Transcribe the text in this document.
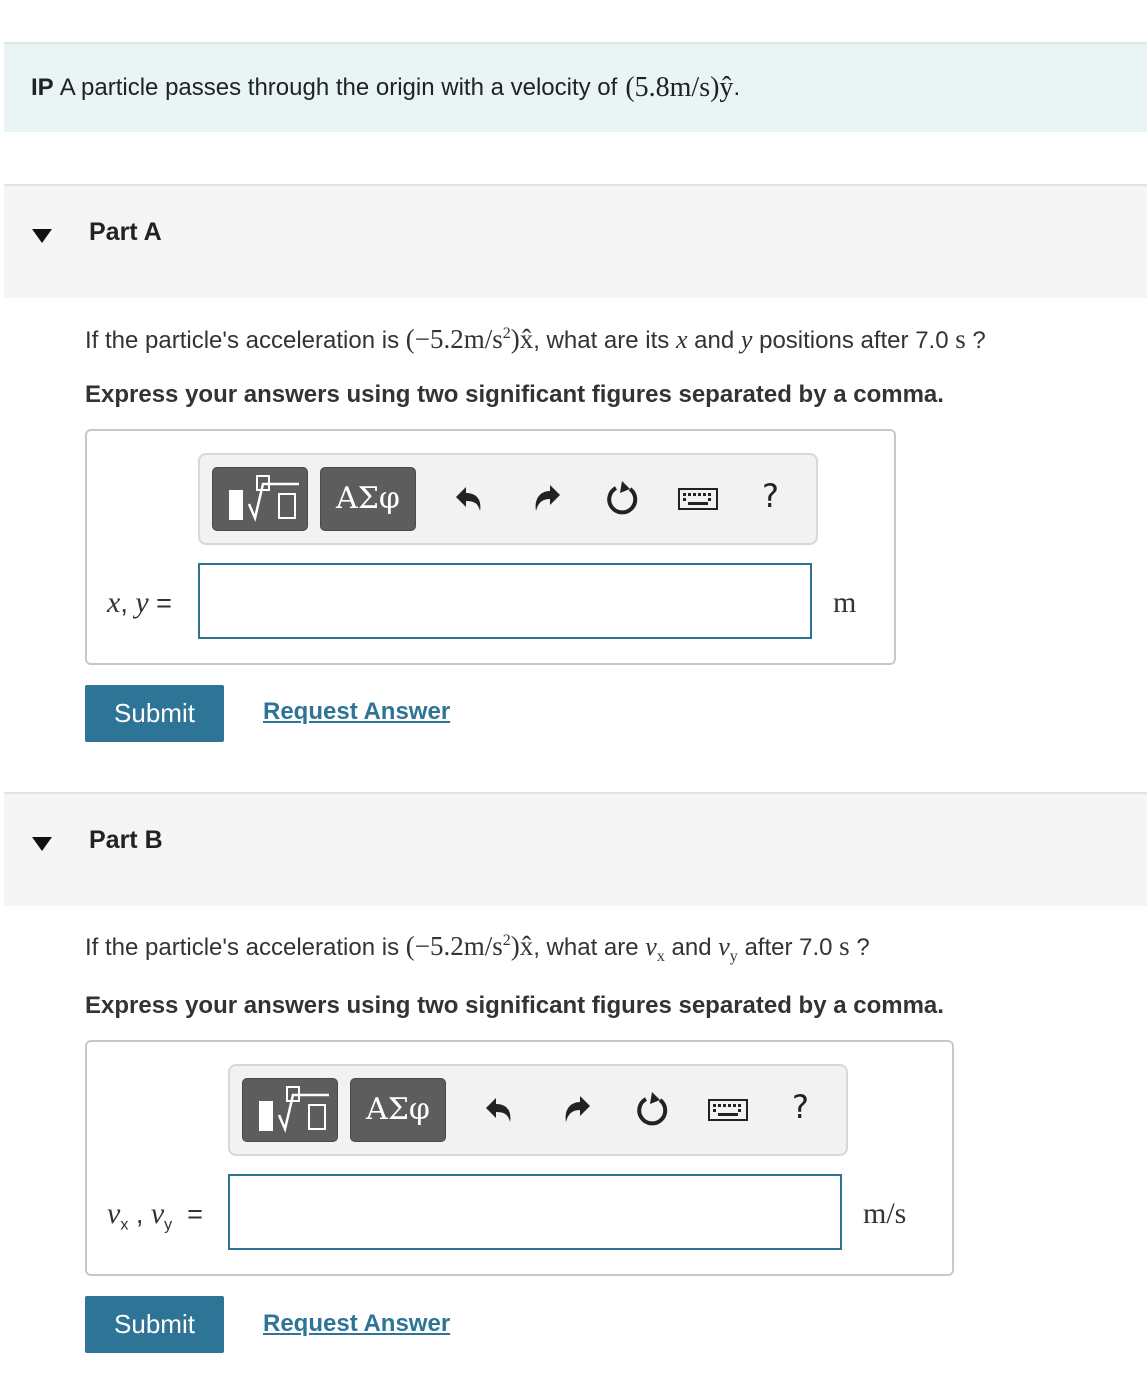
IP A particle passes through the origin with a velocity of (5.8m/s)ŷ .
Part A
If the particle's acceleration is $(-5.2m/s^2)x̂$, what are its x and y positions after 7.0 s ?
Express your answers using two significant figures separated by a comma.
ΑΣφ	?
x, y =	m
Submit	Request Answer
Part B
If the particle's acceleration is $(-5.2m/s^2)x̂$, what are $v_x$ and $v_y$ after 7.0 s ?
Express your answers using two significant figures separated by a comma.
ΑΣφ	?
$v_x$ , $v_y$  =	m/s
Submit	Request Answer
